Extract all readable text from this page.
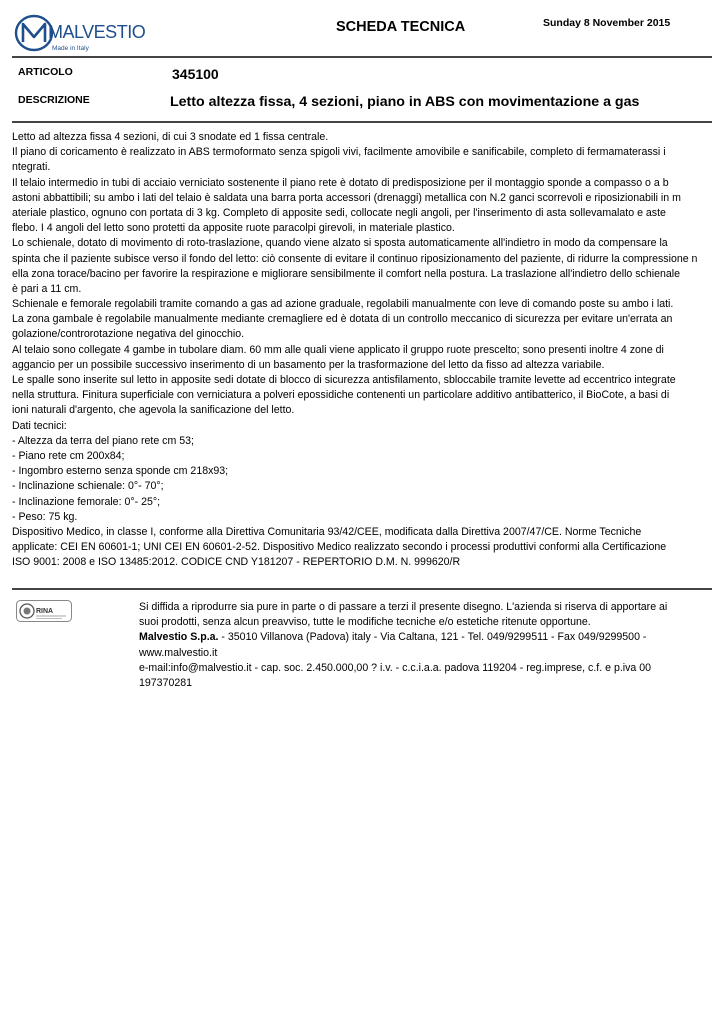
MALVESTIO
Made in Italy
SCHEDA TECNICA	Sunday 8 November 2015
ARTICOLO	345100
DESCRIZIONE	Letto altezza fissa, 4 sezioni, piano in ABS con movimentazione a gas
Letto ad altezza fissa 4 sezioni, di cui 3 snodate ed 1 fissa centrale.
Il piano di coricamento è realizzato in ABS termoformato senza spigoli vivi, facilmente amovibile e sanificabile, completo di fermamaterassi i
ntegrati.
Il telaio intermedio in tubi di acciaio verniciato sostenente il piano rete è dotato di predisposizione per il montaggio sponde a compasso o a b
astoni abbattibili; su ambo i lati del telaio è saldata una barra porta accessori (drenaggi) metallica con N.2 ganci scorrevoli e riposizionabili in m
ateriale plastico, ognuno con portata di 3 kg. Completo di apposite sedi, collocate negli angoli, per l'inserimento di asta sollevamalato e aste
flebo. I 4 angoli del letto sono protetti da apposite ruote paracolpi girevoli, in materiale plastico.
Lo schienale, dotato di movimento di roto-traslazione, quando viene alzato si sposta automaticamente all'indietro in modo da compensare la
spinta che il paziente subisce verso il fondo del letto: ciò consente di evitare il continuo riposizionamento del paziente, di ridurre la compressione n
ella zona torace/bacino per favorire la respirazione e migliorare sensibilmente il comfort nella postura. La traslazione all'indietro dello schienale
è pari a 11 cm.
Schienale e femorale regolabili tramite comando a gas ad azione graduale, regolabili manualmente con leve di comando poste su ambo i lati.
La zona gambale è regolabile manualmente mediante cremagliere ed è dotata di un controllo meccanico di sicurezza per evitare un'errata an
golazione/controrotazione negativa del ginocchio.
Al telaio sono collegate 4 gambe in tubolare diam. 60 mm alle quali viene applicato il gruppo ruote prescelto; sono presenti inoltre 4 zone di
aggancio per un possibile successivo inserimento di un basamento per la trasformazione del letto da fisso ad altezza variabile.
Le spalle sono inserite sul letto in apposite sedi dotate di blocco di sicurezza antisfilamento, sbloccabile tramite levette ad eccentrico integrate
nella struttura. Finitura superficiale con verniciatura a polveri epossidiche contenenti un particolare additivo antibatterico, il BioCote, a basi di
ioni naturali d'argento, che agevola la sanificazione del letto.
Dati tecnici:
- Altezza da terra del piano rete cm 53;
- Piano rete cm 200x84;
- Ingombro esterno senza sponde cm 218x93;
- Inclinazione schienale: 0°- 70°;
- Inclinazione femorale: 0°- 25°;
- Peso: 75 kg.
Dispositivo Medico, in classe I, conforme alla Direttiva Comunitaria 93/42/CEE, modificata dalla Direttiva 2007/47/CE. Norme Tecniche
applicate: CEI EN 60601-1; UNI CEI EN 60601-2-52. Dispositivo Medico realizzato secondo i processi produttivi conformi alla Certificazione
ISO 9001: 2008 e ISO 13485:2012. CODICE CND Y181207 - REPERTORIO D.M. N. 999620/R
RINA	Si diffida a riprodurre sia pure in parte o di passare a terzi il presente disegno. L'azienda si riserva di apportare ai
suoi prodotti, senza alcun preavviso, tutte le modifiche tecniche e/o estetiche ritenute opportune.
Malvestio S.p.a. - 35010 Villanova (Padova) italy - Via Caltana, 121 - Tel. 049/9299511 - Fax 049/9299500 -
www.malvestio.it
e-mail:info@malvestio.it - cap. soc. 2.450.000,00 ? i.v. - c.c.i.a.a. padova 119204 - reg.imprese, c.f. e p.iva 00
197370281
